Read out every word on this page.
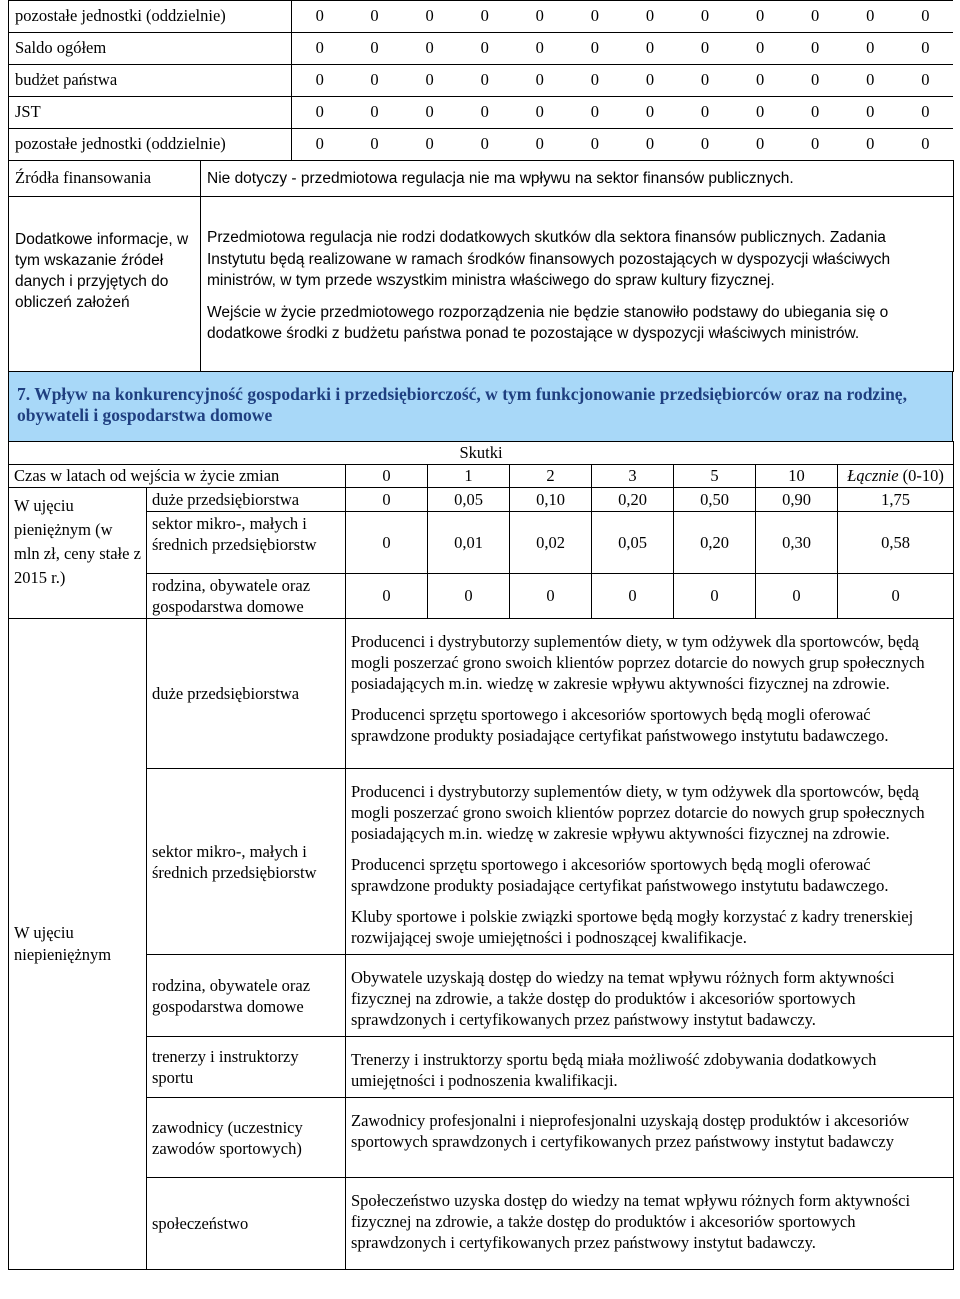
pozostałe jednostki (oddzielnie)	0	0	0	0	0	0	0	0	0	0	0	0
Saldo ogółem	0	0	0	0	0	0	0	0	0	0	0	0
budżet państwa	0	0	0	0	0	0	0	0	0	0	0	0
JST	0	0	0	0	0	0	0	0	0	0	0	0
pozostałe jednostki (oddzielnie)	0	0	0	0	0	0	0	0	0	0	0	0
Źródła finansowania	Nie dotyczy - przedmiotowa regulacja nie ma wpływu na sektor finansów publicznych.
Dodatkowe informacje, w tym wskazanie źródeł danych i przyjętych do obliczeń założeń	Przedmiotowa regulacja nie rodzi dodatkowych skutków dla sektora finansów publicznych. Zadania Instytutu będą realizowane w ramach środków finansowych pozostających w dyspozycji właściwych ministrów, w tym przede wszystkim ministra właściwego do spraw kultury fizycznej.

Wejście w życie przedmiotowego rozporządzenia nie będzie stanowiło podstawy do ubiegania się o dodatkowe środki z budżetu państwa ponad te pozostające w dyspozycji właściwych ministrów.

7. Wpływ na konkurencyjność gospodarki i przedsiębiorczość, w tym funkcjonowanie przedsiębiorców oraz na rodzinę, obywateli i gospodarstwa domowe
Skutki								
Czas w latach od wejścia w życie zmian		0	1	2	3	5	10	Łącznie (0-10)
W ujęciu pieniężnym (w mln zł, ceny stałe z 2015 r.)	duże przedsiębiorstwa	0	0,05	0,10	0,20	0,50	0,90	1,75
	sektor mikro-, małych i średnich przedsiębiorstw	0	0,01	0,02	0,05	0,20	0,30	0,58
	rodzina, obywatele oraz gospodarstwa domowe	0	0	0	0	0	0	0
W ujęciu niepieniężnym	duże przedsiębiorstwa	Producenci i dystrybutorzy suplementów diety, w tym odżywek dla sportowców, będą mogli poszerzać grono swoich klientów poprzez dotarcie do nowych grup społecznych posiadających m.in. wiedzę w zakresie wpływu aktywności fizycznej na zdrowie.

Producenci sprzętu sportowego i akcesoriów sportowych będą mogli oferować sprawdzone produkty posiadające certyfikat państwowego instytutu badawczego.						

	sektor mikro-, małych i średnich przedsiębiorstw	Producenci i dystrybutorzy suplementów diety, w tym odżywek dla sportowców, będą mogli poszerzać grono swoich klientów poprzez dotarcie do nowych grup społecznych posiadających m.in. wiedzę w zakresie wpływu aktywności fizycznej na zdrowie.

Producenci sprzętu sportowego i akcesoriów sportowych będą mogli oferować sprawdzone produkty posiadające certyfikat państwowego instytutu badawczego.

Kluby sportowe i polskie związki sportowe będą mogły korzystać z kadry trenerskiej rozwijającej swoje umiejętności i podnoszącej kwalifikacje.						

	rodzina, obywatele oraz gospodarstwa domowe	Obywatele uzyskają dostęp do wiedzy na temat wpływu różnych form aktywności fizycznej na zdrowie, a także dostęp do produktów i akcesoriów sportowych sprawdzonych i certyfikowanych przez państwowy instytut badawczy.						

	trenerzy i instruktorzy sportu	Trenerzy i instruktorzy sportu będą miała możliwość zdobywania dodatkowych umiejętności i podnoszenia kwalifikacji.						

	zawodnicy (uczestnicy zawodów sportowych)	Zawodnicy profesjonalni i nieprofesjonalni uzyskają dostęp produktów i akcesoriów sportowych sprawdzonych i certyfikowanych przez państwowy instytut badawczy						

	społeczeństwo	Społeczeństwo uzyska dostęp do wiedzy na temat wpływu różnych form aktywności fizycznej na zdrowie, a także dostęp do produktów i akcesoriów sportowych sprawdzonych i certyfikowanych przez państwowy instytut badawczy.						
